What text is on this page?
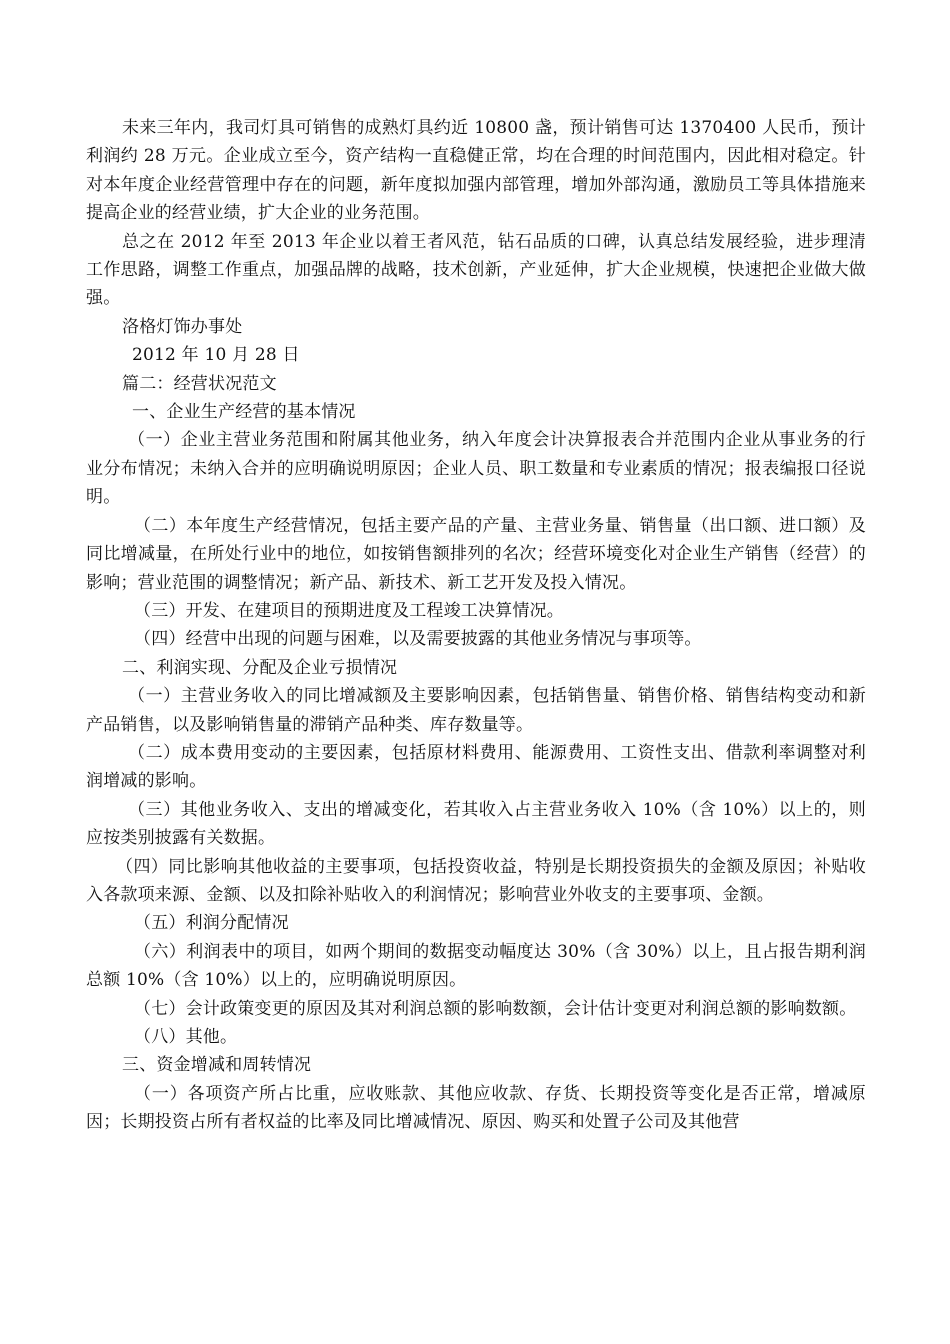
未来三年内，我司灯具可销售的成熟灯具约近 10800 盏，预计销售可达 1370400 人民币，预计利润约 28 万元。企业成立至今，资产结构一直稳健正常，均在合理的时间范围内，因此相对稳定。针对本年度企业经营管理中存在的问题，新年度拟加强内部管理，增加外部沟通，激励员工等具体措施来提高企业的经营业绩，扩大企业的业务范围。

总之在 2012 年至 2013 年企业以着王者风范，钻石品质的口碑，认真总结发展经验，进步理清工作思路，调整工作重点，加强品牌的战略，技术创新，产业延伸，扩大企业规模，快速把企业做大做强。

洛格灯饰办事处

2012 年 10 月 28 日

篇二：经营状况范文

一、企业生产经营的基本情况

（一）企业主营业务范围和附属其他业务，纳入年度会计决算报表合并范围内企业从事业务的行业分布情况；未纳入合并的应明确说明原因；企业人员、职工数量和专业素质的情况；报表编报口径说明。

（二）本年度生产经营情况，包括主要产品的产量、主营业务量、销售量（出口额、进口额）及同比增减量，在所处行业中的地位，如按销售额排列的名次；经营环境变化对企业生产销售（经营）的影响；营业范围的调整情况；新产品、新技术、新工艺开发及投入情况。

（三）开发、在建项目的预期进度及工程竣工决算情况。

（四）经营中出现的问题与困难，以及需要披露的其他业务情况与事项等。

二、利润实现、分配及企业亏损情况

（一）主营业务收入的同比增减额及主要影响因素，包括销售量、销售价格、销售结构变动和新产品销售，以及影响销售量的滞销产品种类、库存数量等。

（二）成本费用变动的主要因素，包括原材料费用、能源费用、工资性支出、借款利率调整对利润增减的影响。

（三）其他业务收入、支出的增减变化，若其收入占主营业务收入 10%（含 10%）以上的，则应按类别披露有关数据。

（四）同比影响其他收益的主要事项，包括投资收益，特别是长期投资损失的金额及原因；补贴收入各款项来源、金额、以及扣除补贴收入的利润情况；影响营业外收支的主要事项、金额。

（五）利润分配情况

（六）利润表中的项目，如两个期间的数据变动幅度达 30%（含 30%）以上，且占报告期利润总额 10%（含 10%）以上的，应明确说明原因。

（七）会计政策变更的原因及其对利润总额的影响数额，会计估计变更对利润总额的影响数额。

（八）其他。

三、资金增减和周转情况

（一）各项资产所占比重，应收账款、其他应收款、存货、长期投资等变化是否正常，增减原因；长期投资占所有者权益的比率及同比增减情况、原因、购买和处置子公司及其他营
